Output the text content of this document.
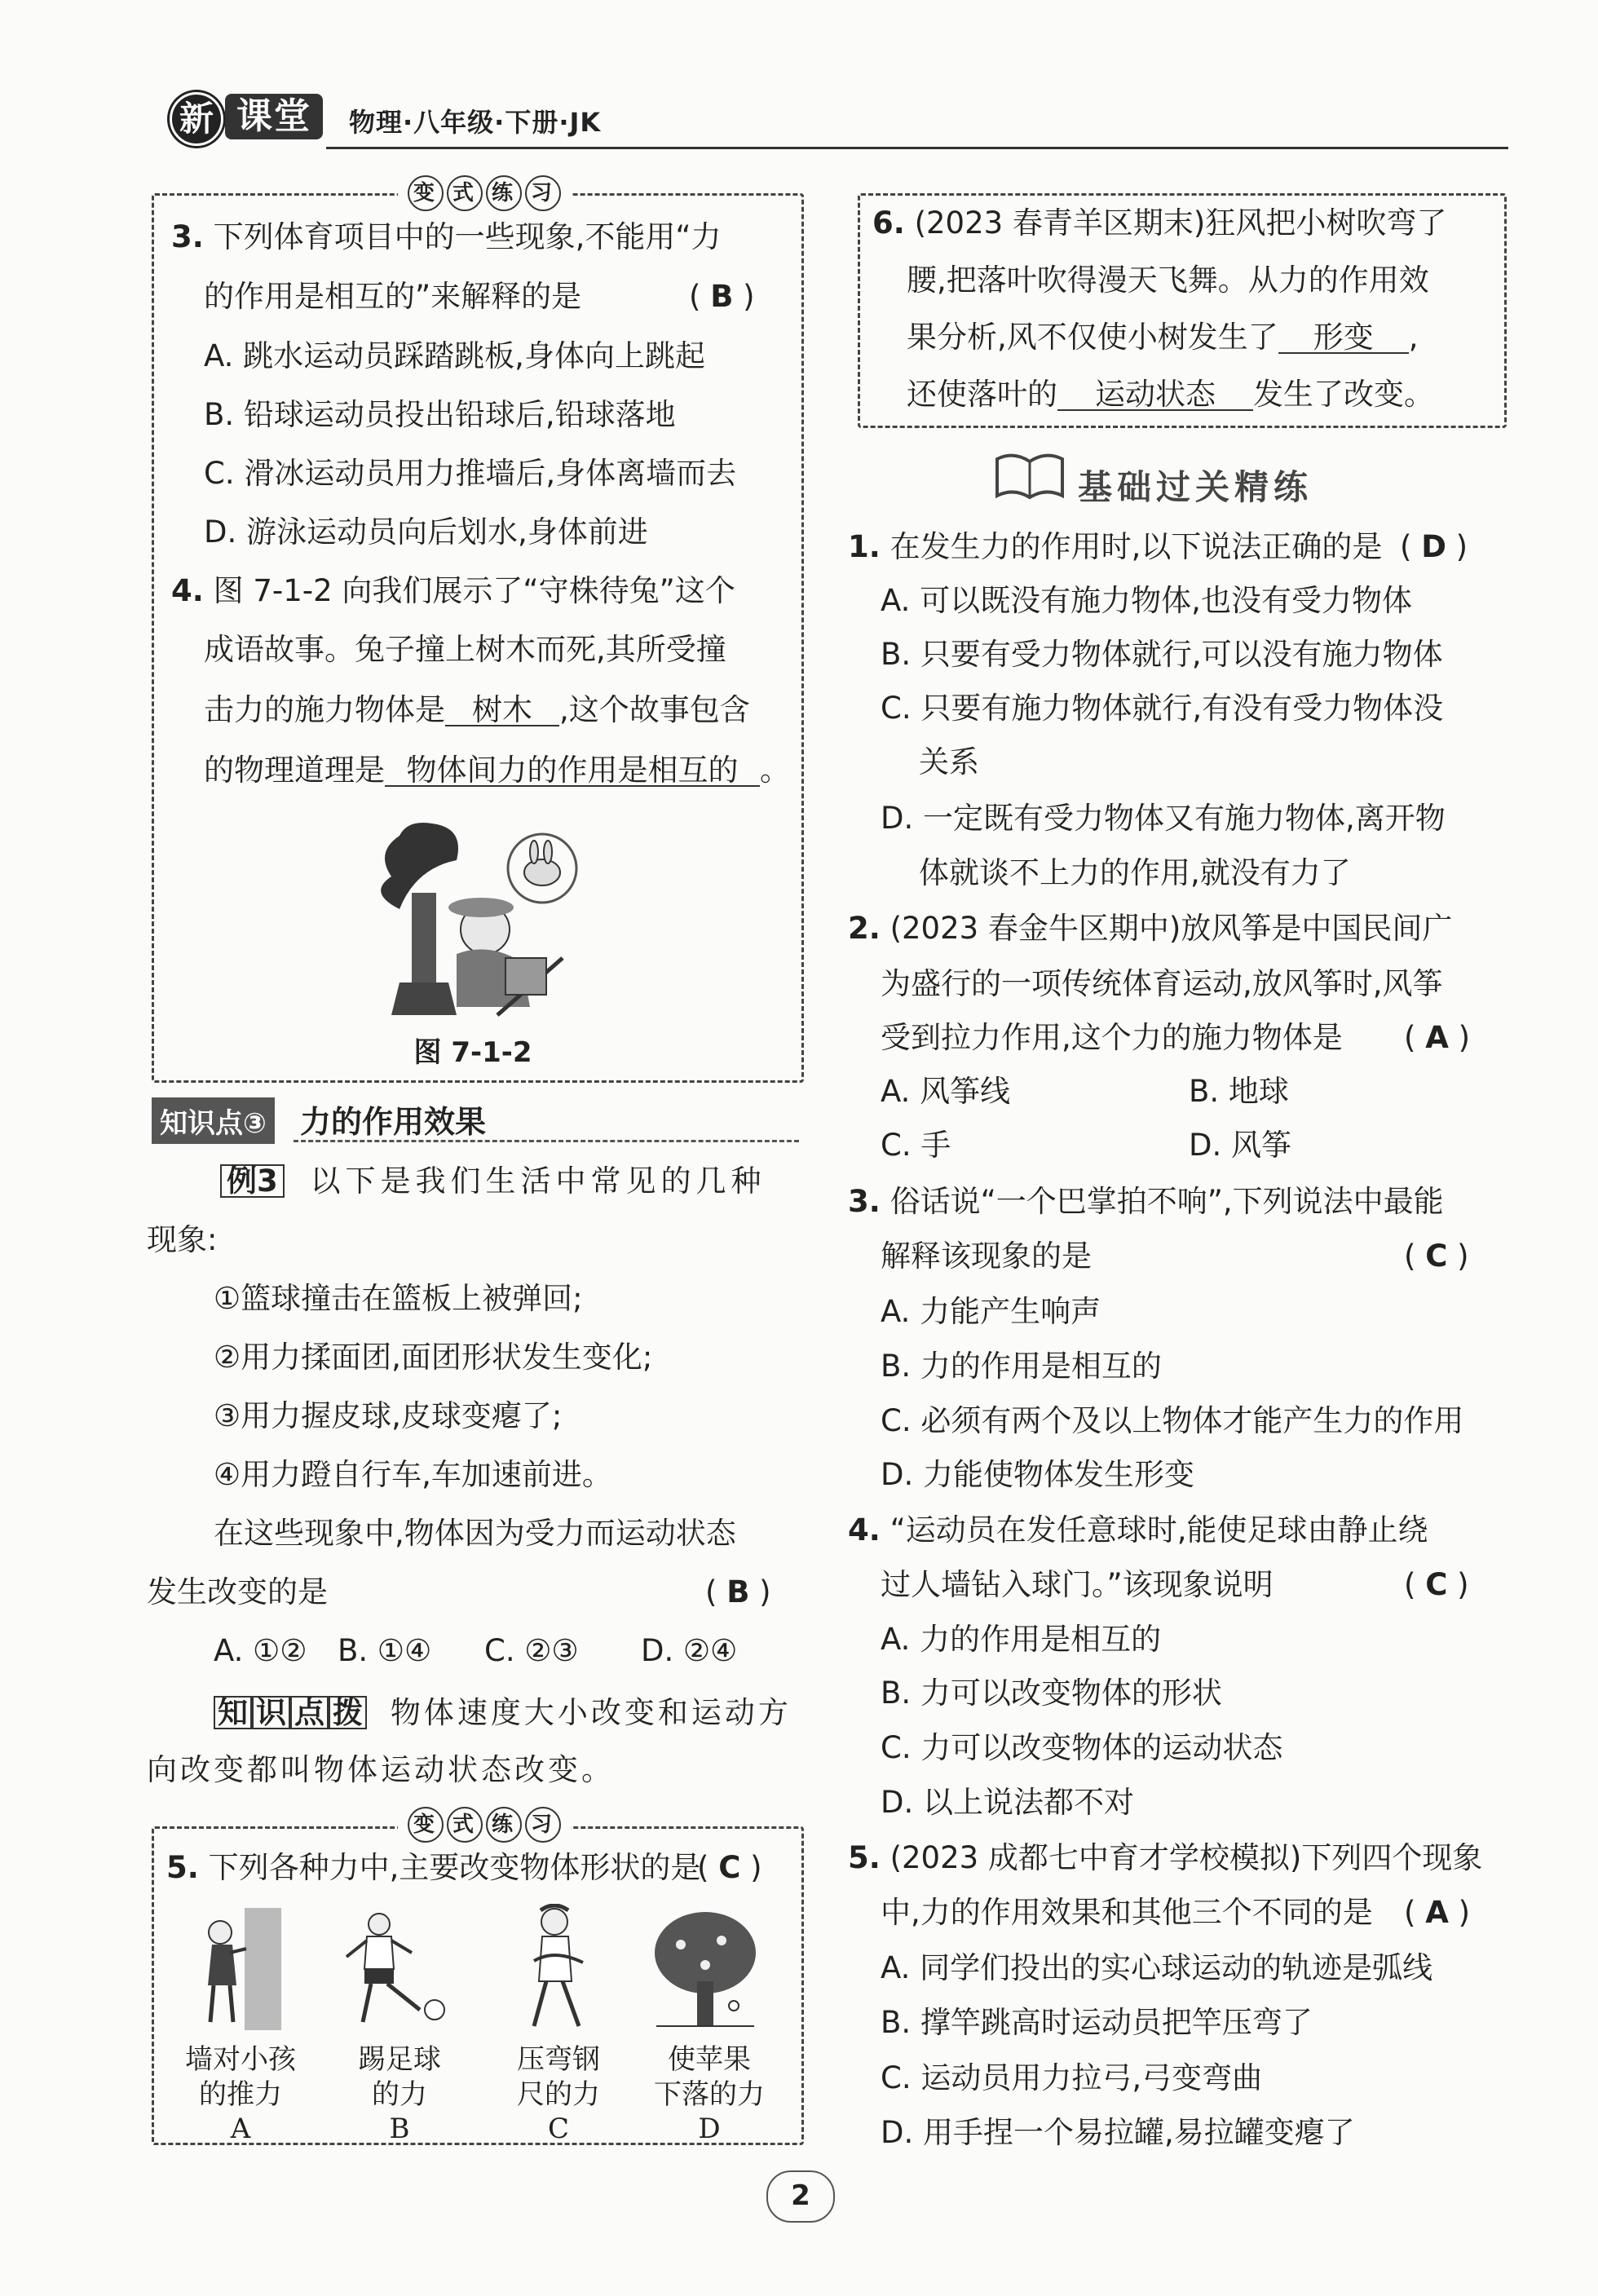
新 课堂	物理·八年级·下册·JK
变 式 练 习
3. 下列体育项目中的一些现象,不能用“力
的作用是相互的”来解释的是	( B )
A. 跳水运动员踩踏跳板,身体向上跳起
B. 铅球运动员投出铅球后,铅球落地
C. 滑冰运动员用力推墙后,身体离墙而去
D. 游泳运动员向后划水,身体前进
4. 图 7-1-2 向我们展示了“守株待兔”这个
成语故事。兔子撞上树木而死,其所受撞
击力的施力物体是 树木 ,这个故事包含
的物理道理是 物体间力的作用是相互的 。
图 7-1-2
知识点③ 力的作用效果
例3 以下是我们生活中常见的几种
现象:
①篮球撞击在篮板上被弹回;
②用力揉面团,面团形状发生变化;
③用力握皮球,皮球变瘪了;
④用力蹬自行车,车加速前进。
在这些现象中,物体因为受力而运动状态
发生改变的是	( B )
A. ①② B. ①④ C. ②③ D. ②④
知 识 点 拨 物体速度大小改变和运动方
向改变都叫物体运动状态改变。
变 式 练 习
5. 下列各种力中,主要改变物体形状的是
( C )
墙对小孩
的推力
A
踢足球
的力
B
压弯钢
尺的力
C
使苹果
下落的力
D
6. (2023 春青羊区期末)狂风把小树吹弯了
腰,把落叶吹得漫天飞舞。从力的作用效
果分析,风不仅使小树发生了 形变 ,
还使落叶的 运动状态 发生了改变。
基础过关精练
1. 在发生力的作用时,以下说法正确的是 ( D )
A. 可以既没有施力物体,也没有受力物体
B. 只要有受力物体就行,可以没有施力物体
C. 只要有施力物体就行,有没有受力物体没
关系
D. 一定既有受力物体又有施力物体,离开物
体就谈不上力的作用,就没有力了
2. (2023 春金牛区期中)放风筝是中国民间广
为盛行的一项传统体育运动,放风筝时,风筝
受到拉力作用,这个力的施力物体是 ( A )
A. 风筝线	B. 地球
C. 手	D. 风筝
3. 俗话说“一个巴掌拍不响”,下列说法中最能
解释该现象的是	( C )
A. 力能产生响声
B. 力的作用是相互的
C. 必须有两个及以上物体才能产生力的作用
D. 力能使物体发生形变
4. “运动员在发任意球时,能使足球由静止绕
过人墙钻入球门。”该现象说明	( C )
A. 力的作用是相互的
B. 力可以改变物体的形状
C. 力可以改变物体的运动状态
D. 以上说法都不对
5. (2023 成都七中育才学校模拟)下列四个现象
中,力的作用效果和其他三个不同的是 ( A )
A. 同学们投出的实心球运动的轨迹是弧线
B. 撑竿跳高时运动员把竿压弯了
C. 运动员用力拉弓,弓变弯曲
D. 用手捏一个易拉罐,易拉罐变瘪了
2
